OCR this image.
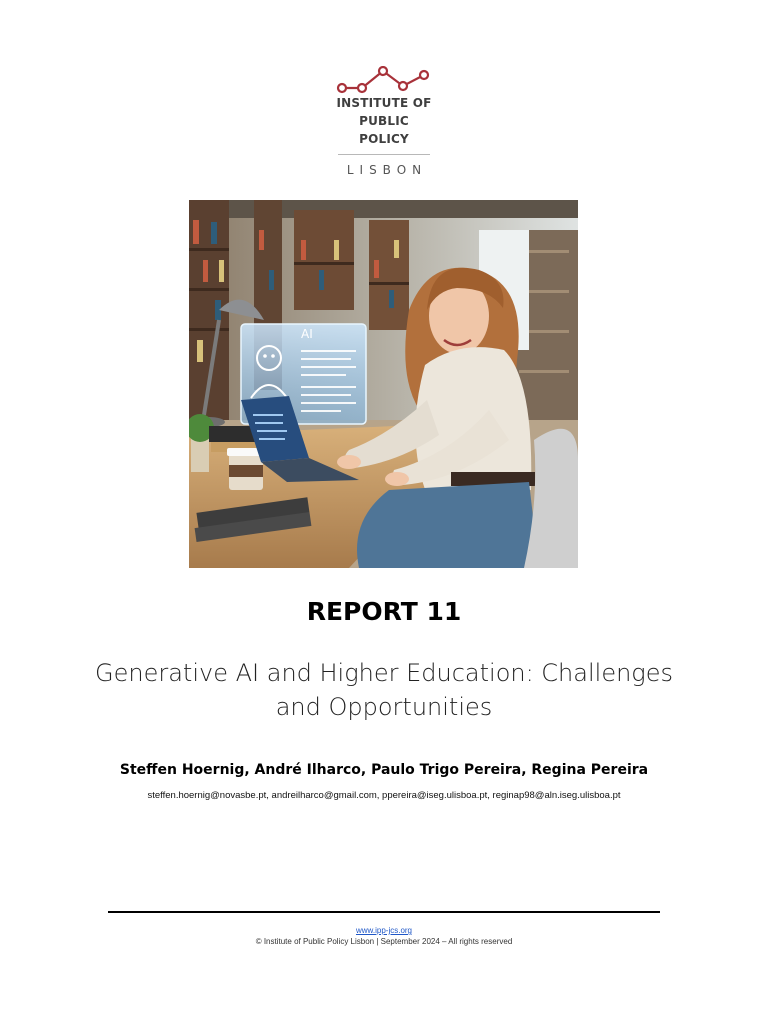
INSTITUTE OF
PUBLIC POLICY
LISBON
AI
REPORT 11
Generative AI and Higher Education: Challenges and Opportunities
Steffen Hoernig, André Ilharco, Paulo Trigo Pereira, Regina Pereira
steffen.hoernig@novasbe.pt, andreilharco@gmail.com, ppereira@iseg.ulisboa.pt, reginap98@aln.iseg.ulisboa.pt
www.ipp-jcs.org
© Institute of Public Policy Lisbon | September 2024 – All rights reserved
